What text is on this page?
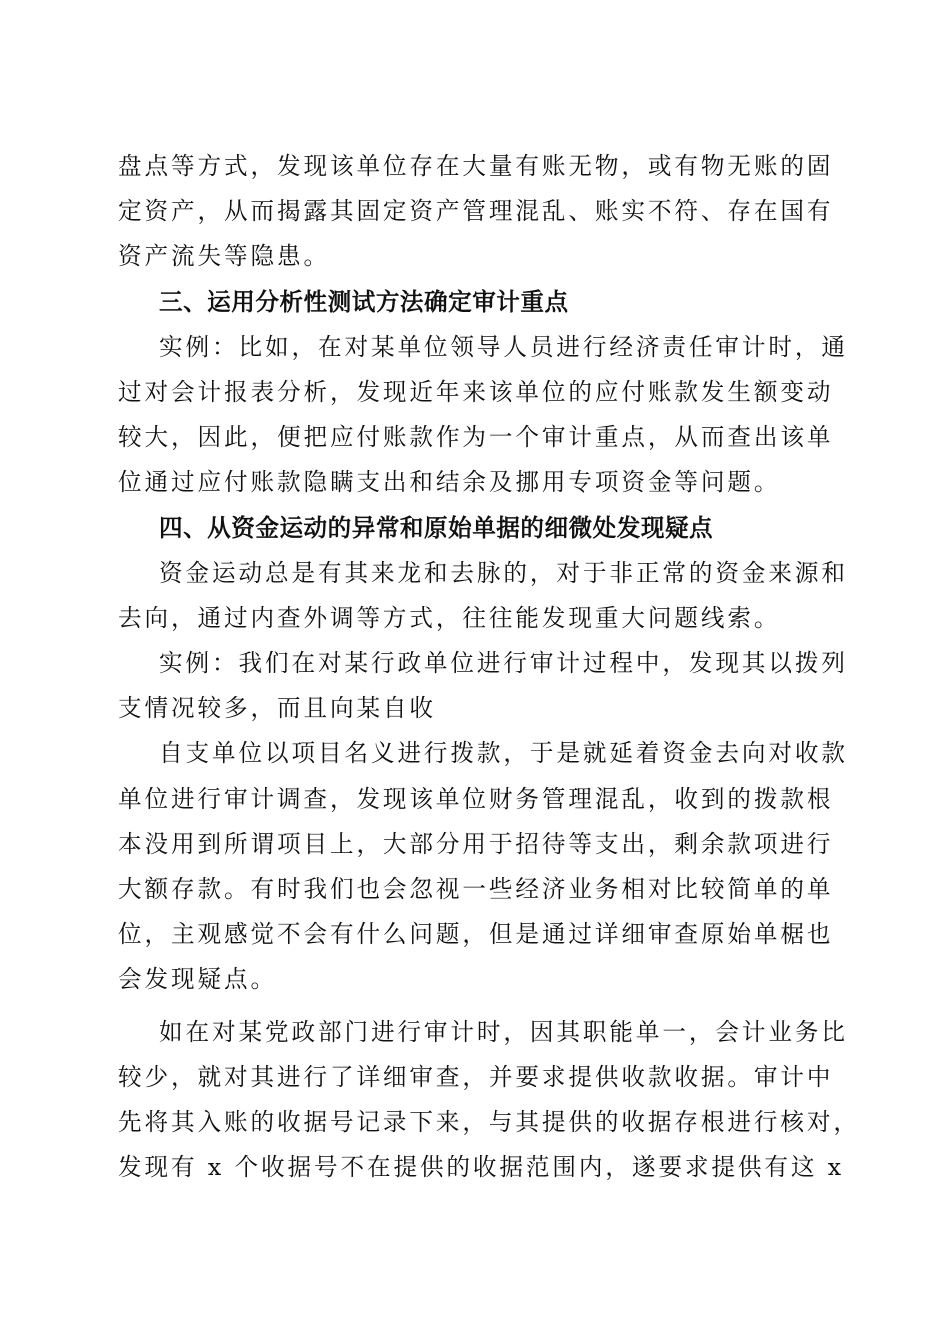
盘点等方式，发现该单位存在大量有账无物，或有物无账的固
定资产，从而揭露其固定资产管理混乱、账实不符、存在国有
资产流失等隐患。
三、运用分析性测试方法确定审计重点
实例：比如，在对某单位领导人员进行经济责任审计时，通
过对会计报表分析，发现近年来该单位的应付账款发生额变动
较大，因此，便把应付账款作为一个审计重点，从而查出该单
位通过应付账款隐瞒支出和结余及挪用专项资金等问题。
四、从资金运动的异常和原始单据的细微处发现疑点
资金运动总是有其来龙和去脉的，对于非正常的资金来源和
去向，通过内查外调等方式，往往能发现重大问题线索。
实例：我们在对某行政单位进行审计过程中，发现其以拨列
支情况较多，而且向某自收
自支单位以项目名义进行拨款，于是就延着资金去向对收款
单位进行审计调查，发现该单位财务管理混乱，收到的拨款根
本没用到所谓项目上，大部分用于招待等支出，剩余款项进行
大额存款。有时我们也会忽视一些经济业务相对比较简单的单
位，主观感觉不会有什么问题，但是通过详细审查原始单椐也
会发现疑点。
如在对某党政部门进行审计时，因其职能单一，会计业务比
较少，就对其进行了详细审查，并要求提供收款收据。审计中
先将其入账的收据号记录下来，与其提供的收据存根进行核对，
发现有 x 个收据号不在提供的收据范围内，遂要求提供有这 x
